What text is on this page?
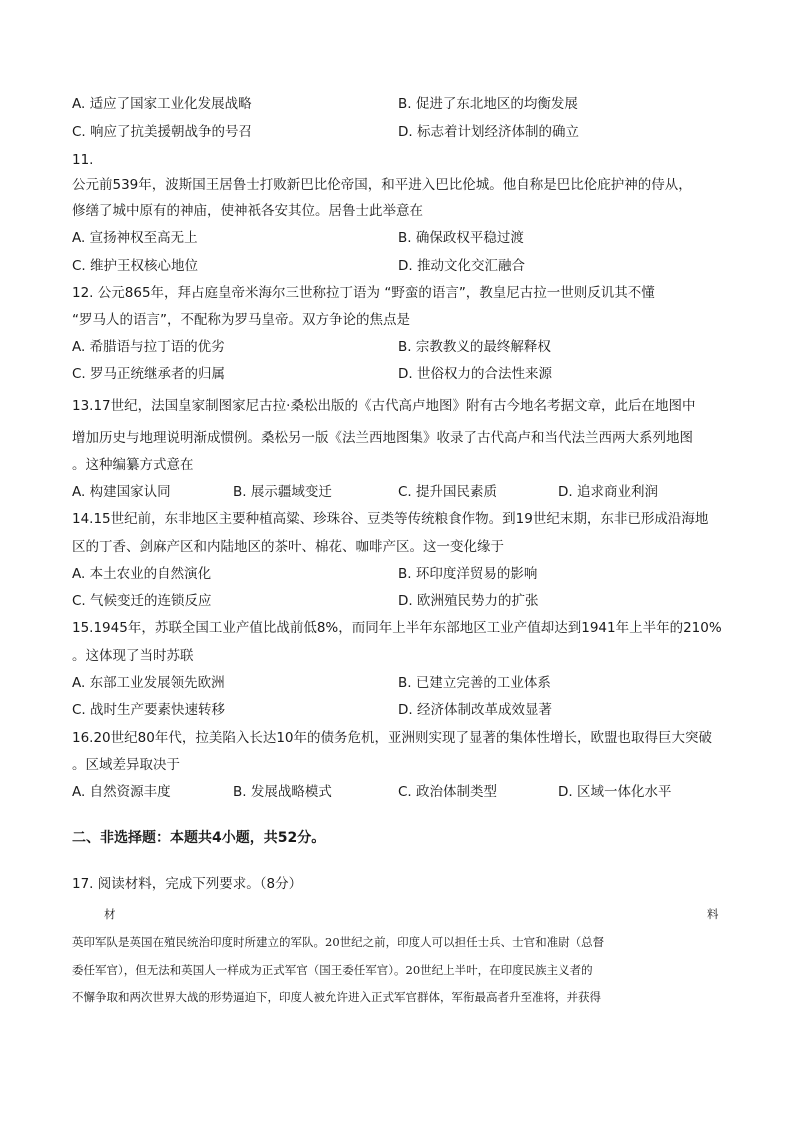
A. 适应了国家工业化发展战略	B. 促进了东北地区的均衡发展
C. 响应了抗美援朝战争的号召	D. 标志着计划经济体制的确立
11.
公元前539年，波斯国王居鲁士打败新巴比伦帝国，和平进入巴比伦城。他自称是巴比伦庇护神的侍从，
修缮了城中原有的神庙，使神祇各安其位。居鲁士此举意在
A. 宣扬神权至高无上	B. 确保政权平稳过渡
C. 维护王权核心地位	D. 推动文化交汇融合
12. 公元865年，拜占庭皇帝米海尔三世称拉丁语为 “野蛮的语言”，教皇尼古拉一世则反讥其不懂
“罗马人的语言”，不配称为罗马皇帝。双方争论的焦点是
A. 希腊语与拉丁语的优劣	B. 宗教教义的最终解释权
C. 罗马正统继承者的归属	D. 世俗权力的合法性来源
13.17世纪，法国皇家制图家尼古拉·桑松出版的《古代高卢地图》附有古今地名考据文章，此后在地图中
增加历史与地理说明渐成惯例。桑松另一版《法兰西地图集》收录了古代高卢和当代法兰西两大系列地图
。这种编纂方式意在
A. 构建国家认同	B. 展示疆域变迁	C. 提升国民素质	D. 追求商业利润
14.15世纪前，东非地区主要种植高粱、珍珠谷、豆类等传统粮食作物。到19世纪末期，东非已形成沿海地
区的丁香、剑麻产区和内陆地区的茶叶、棉花、咖啡产区。这一变化缘于
A. 本土农业的自然演化	B. 环印度洋贸易的影响
C. 气候变迁的连锁反应	D. 欧洲殖民势力的扩张
15.1945年，苏联全国工业产值比战前低8%，而同年上半年东部地区工业产值却达到1941年上半年的210%
。这体现了当时苏联
A. 东部工业发展领先欧洲	B. 已建立完善的工业体系
C. 战时生产要素快速转移	D. 经济体制改革成效显著
16.20世纪80年代，拉美陷入长达10年的债务危机，亚洲则实现了显著的集体性增长，欧盟也取得巨大突破
。区域差异取决于
A. 自然资源丰度	B. 发展战略模式	C. 政治体制类型	D. 区域一体化水平
二、非选择题：本题共4小题，共52分。
17. 阅读材料，完成下列要求。（8分）
材	料
英印军队是英国在殖民统治印度时所建立的军队。20世纪之前，印度人可以担任士兵、士官和准尉（总督
委任军官），但无法和英国人一样成为正式军官（国王委任军官）。20世纪上半叶，在印度民族主义者的
不懈争取和两次世界大战的形势逼迫下，印度人被允许进入正式军官群体，军衔最高者升至准将，并获得
